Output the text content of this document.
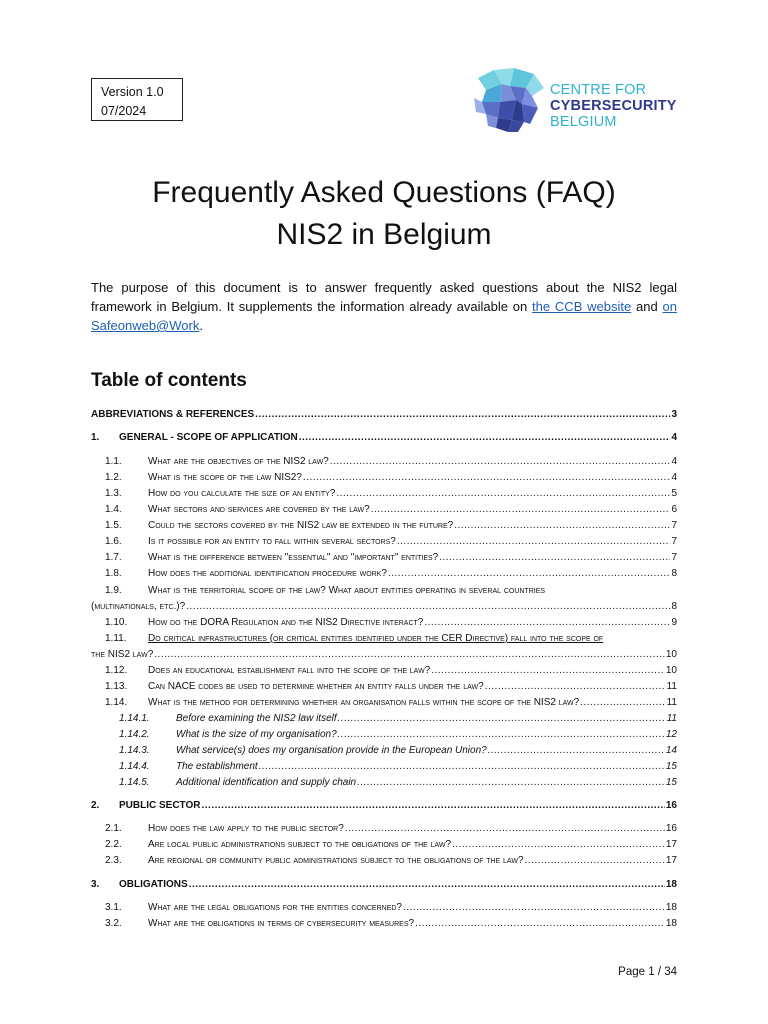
Version 1.0
07/2024
CENTRE FOR
CYBERSECURITY
BELGIUM
Frequently Asked Questions (FAQ)
NIS2 in Belgium
The purpose of this document is to answer frequently asked questions about the NIS2 legal framework in Belgium. It supplements the information already available on the CCB website and on Safeonweb@Work.
Table of contents
ABBREVIATIONS & REFERENCES .....	3
1.	GENERAL - SCOPE OF APPLICATION .....	4
1.1.	What are the objectives of the NIS2 law? .....	4
1.2.	What is the scope of the law NIS2? .....	4
1.3.	How do you calculate the size of an entity? .....	5
1.4.	What sectors and services are covered by the law? .....	6
1.5.	Could the sectors covered by the NIS2 law be extended in the future? .....	7
1.6.	Is it possible for an entity to fall within several sectors? .....	7
1.7.	What is the difference between "essential" and "important" entities? .....	7
1.8.	How does the additional identification procedure work? .....	8
1.9.	What is the territorial scope of the law? What about entities operating in several countries
(multinationals, etc.)? .....	8
1.10.	How do the DORA Regulation and the NIS2 Directive interact? .....	9
1.11.	Do critical infrastructures (or critical entities identified under the CER Directive) fall into the scope of
the NIS2 law? .....	10
1.12.	Does an educational establishment fall into the scope of the law? .....	10
1.13.	Can NACE codes be used to determine whether an entity falls under the law? .....	11
1.14.	What is the method for determining whether an organisation falls within the scope of the NIS2 law? .....	11
1.14.1.	Before examining the NIS2 law itself .....	11
1.14.2.	What is the size of my organisation? .....	12
1.14.3.	What service(s) does my organisation provide in the European Union? .....	14
1.14.4.	The establishment .....	15
1.14.5.	Additional identification and supply chain .....	15
2.	PUBLIC SECTOR .....	16
2.1.	How does the law apply to the public sector? .....	16
2.2.	Are local public administrations subject to the obligations of the law? .....	17
2.3.	Are regional or community public administrations subject to the obligations of the law? .....	17
3.	OBLIGATIONS .....	18
3.1.	What are the legal obligations for the entities concerned? .....	18
3.2.	What are the obligations in terms of cybersecurity measures? .....	18
Page 1 / 34
